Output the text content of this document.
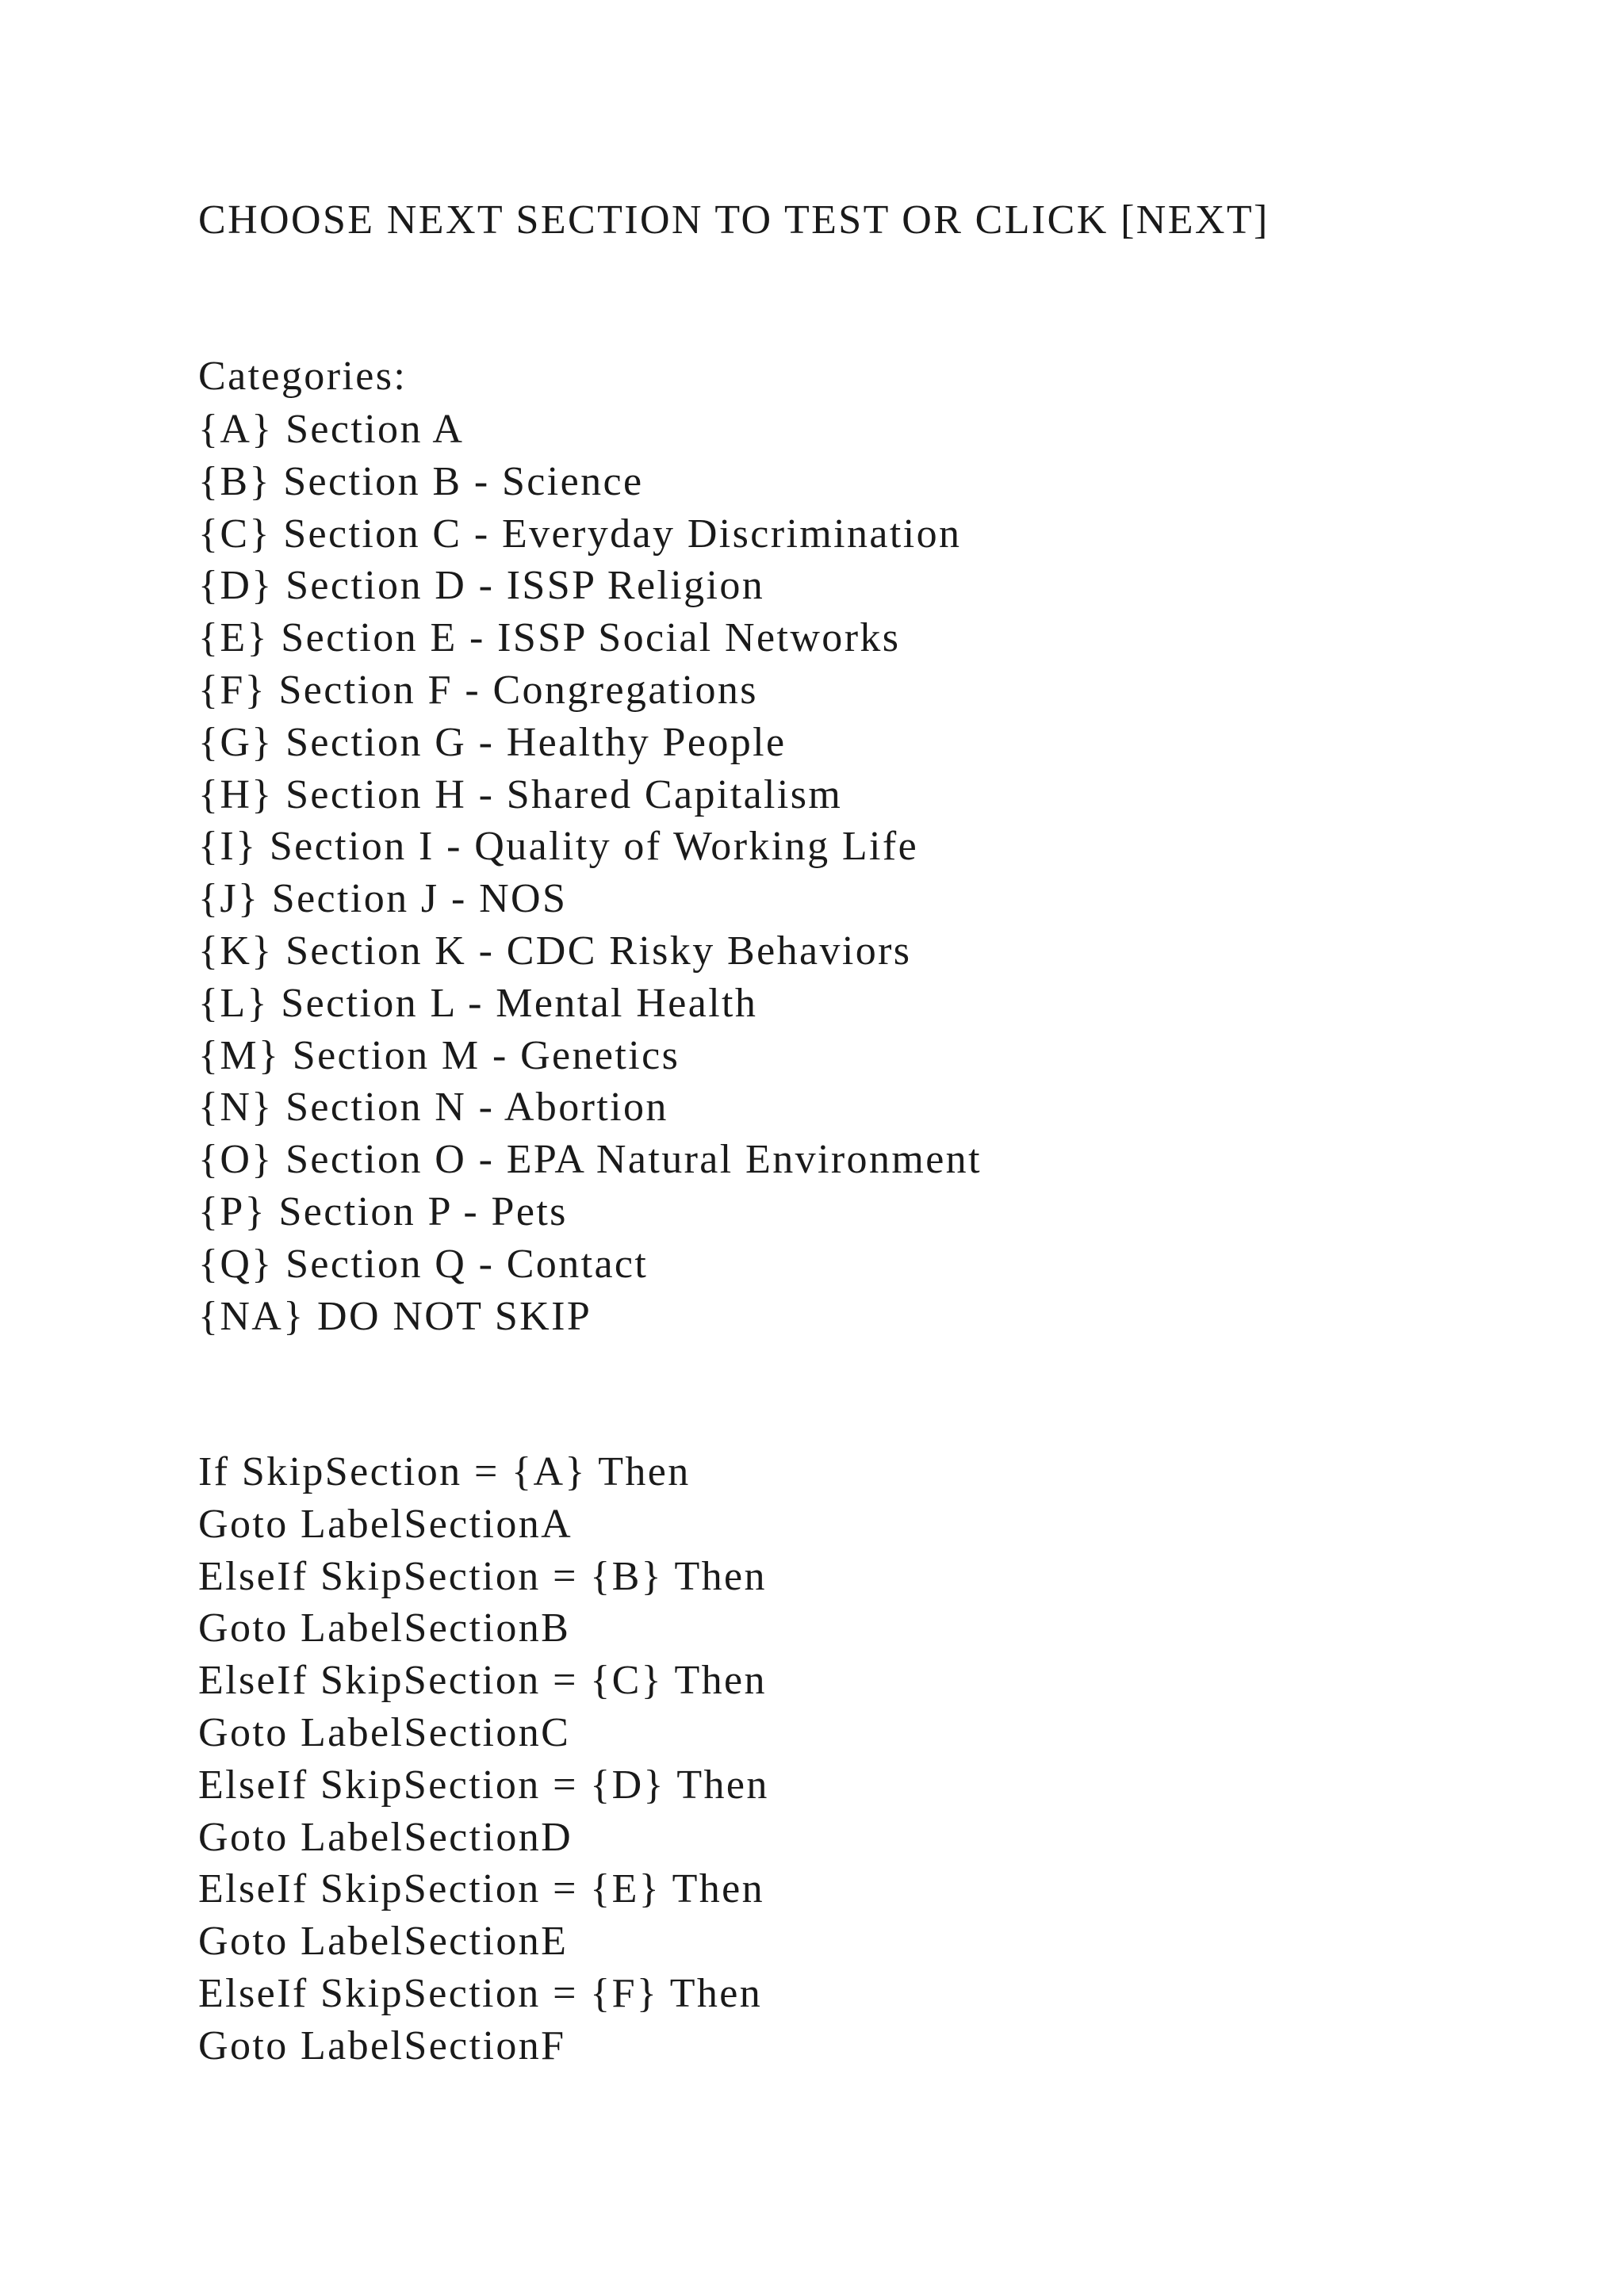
CHOOSE NEXT SECTION TO TEST OR CLICK [NEXT]
Categories:
{A} Section A
{B} Section B - Science
{C} Section C - Everyday Discrimination
{D} Section D - ISSP Religion
{E} Section E - ISSP Social Networks
{F} Section F - Congregations
{G} Section G - Healthy People
{H} Section H - Shared Capitalism
{I} Section I - Quality of Working Life
{J} Section J - NOS
{K} Section K - CDC Risky Behaviors
{L} Section L - Mental Health
{M} Section M - Genetics
{N} Section N - Abortion
{O} Section O - EPA Natural Environment
{P} Section P - Pets
{Q} Section Q - Contact
{NA} DO NOT SKIP
If SkipSection = {A} Then
Goto LabelSectionA
ElseIf SkipSection = {B} Then
Goto LabelSectionB
ElseIf SkipSection = {C} Then
Goto LabelSectionC
ElseIf SkipSection = {D} Then
Goto LabelSectionD
ElseIf SkipSection = {E} Then
Goto LabelSectionE
ElseIf SkipSection = {F} Then
Goto LabelSectionF
